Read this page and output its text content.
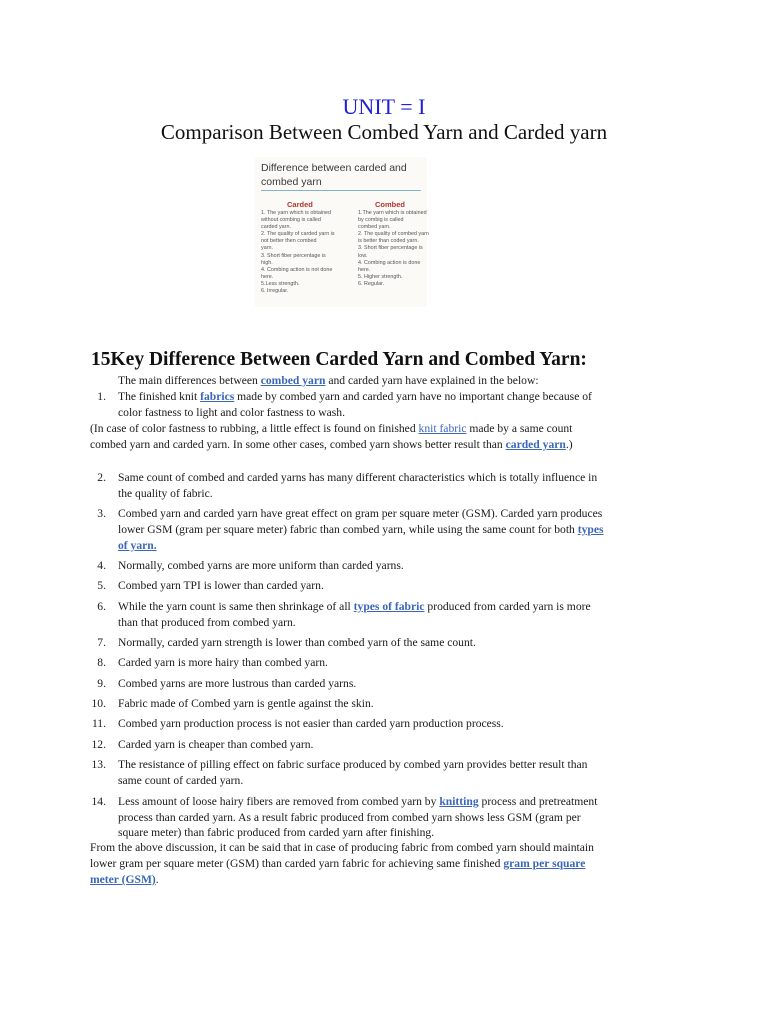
UNIT = I
Comparison Between Combed Yarn and Carded yarn
Difference between carded and combed yarn
Carded	Combed
1. The yarn which is obtained
without combing is called
carded yarn.
2. The quality of carded yarn is
not better then combed
yarn.
3. Short fiber percentage is
high.
4. Combing action is not done
here.
5.Less strength.
6. Irregular.
1.The yarn which is obtained
by combig is called
combed yarn.
2. The quality of combed yarn
is better than coded yarn.
3. Short fiber percentage is
low.
4. Combing action is done
here.
5. Higher strength.
6. Regular.
15Key Difference Between Carded Yarn and Combed Yarn:
The main differences between combed yarn and carded yarn have explained in the below:
1. The finished knit fabrics made by combed yarn and carded yarn have no important change because of
color fastness to light and color fastness to wash.
(In case of color fastness to rubbing, a little effect is found on finished knit fabric made by a same count
combed yarn and carded yarn. In some other cases, combed yarn shows better result than carded yarn.)
2. Same count of combed and carded yarns has many different characteristics which is totally influence in
the quality of fabric.
3. Combed yarn and carded yarn have great effect on gram per square meter (GSM). Carded yarn produces
lower GSM (gram per square meter) fabric than combed yarn, while using the same count for both types
of yarn.
4. Normally, combed yarns are more uniform than carded yarns.
5. Combed yarn TPI is lower than carded yarn.
6. While the yarn count is same then shrinkage of all types of fabric produced from carded yarn is more
than that produced from combed yarn.
7. Normally, carded yarn strength is lower than combed yarn of the same count.
8. Carded yarn is more hairy than combed yarn.
9. Combed yarns are more lustrous than carded yarns.
10. Fabric made of Combed yarn is gentle against the skin.
11. Combed yarn production process is not easier than carded yarn production process.
12. Carded yarn is cheaper than combed yarn.
13. The resistance of pilling effect on fabric surface produced by combed yarn provides better result than
same count of carded yarn.
14. Less amount of loose hairy fibers are removed from combed yarn by knitting process and pretreatment
process than carded yarn. As a result fabric produced from combed yarn shows less GSM (gram per
square meter) than fabric produced from carded yarn after finishing.
From the above discussion, it can be said that in case of producing fabric from combed yarn should maintain
lower gram per square meter (GSM) than carded yarn fabric for achieving same finished gram per square
meter (GSM).
